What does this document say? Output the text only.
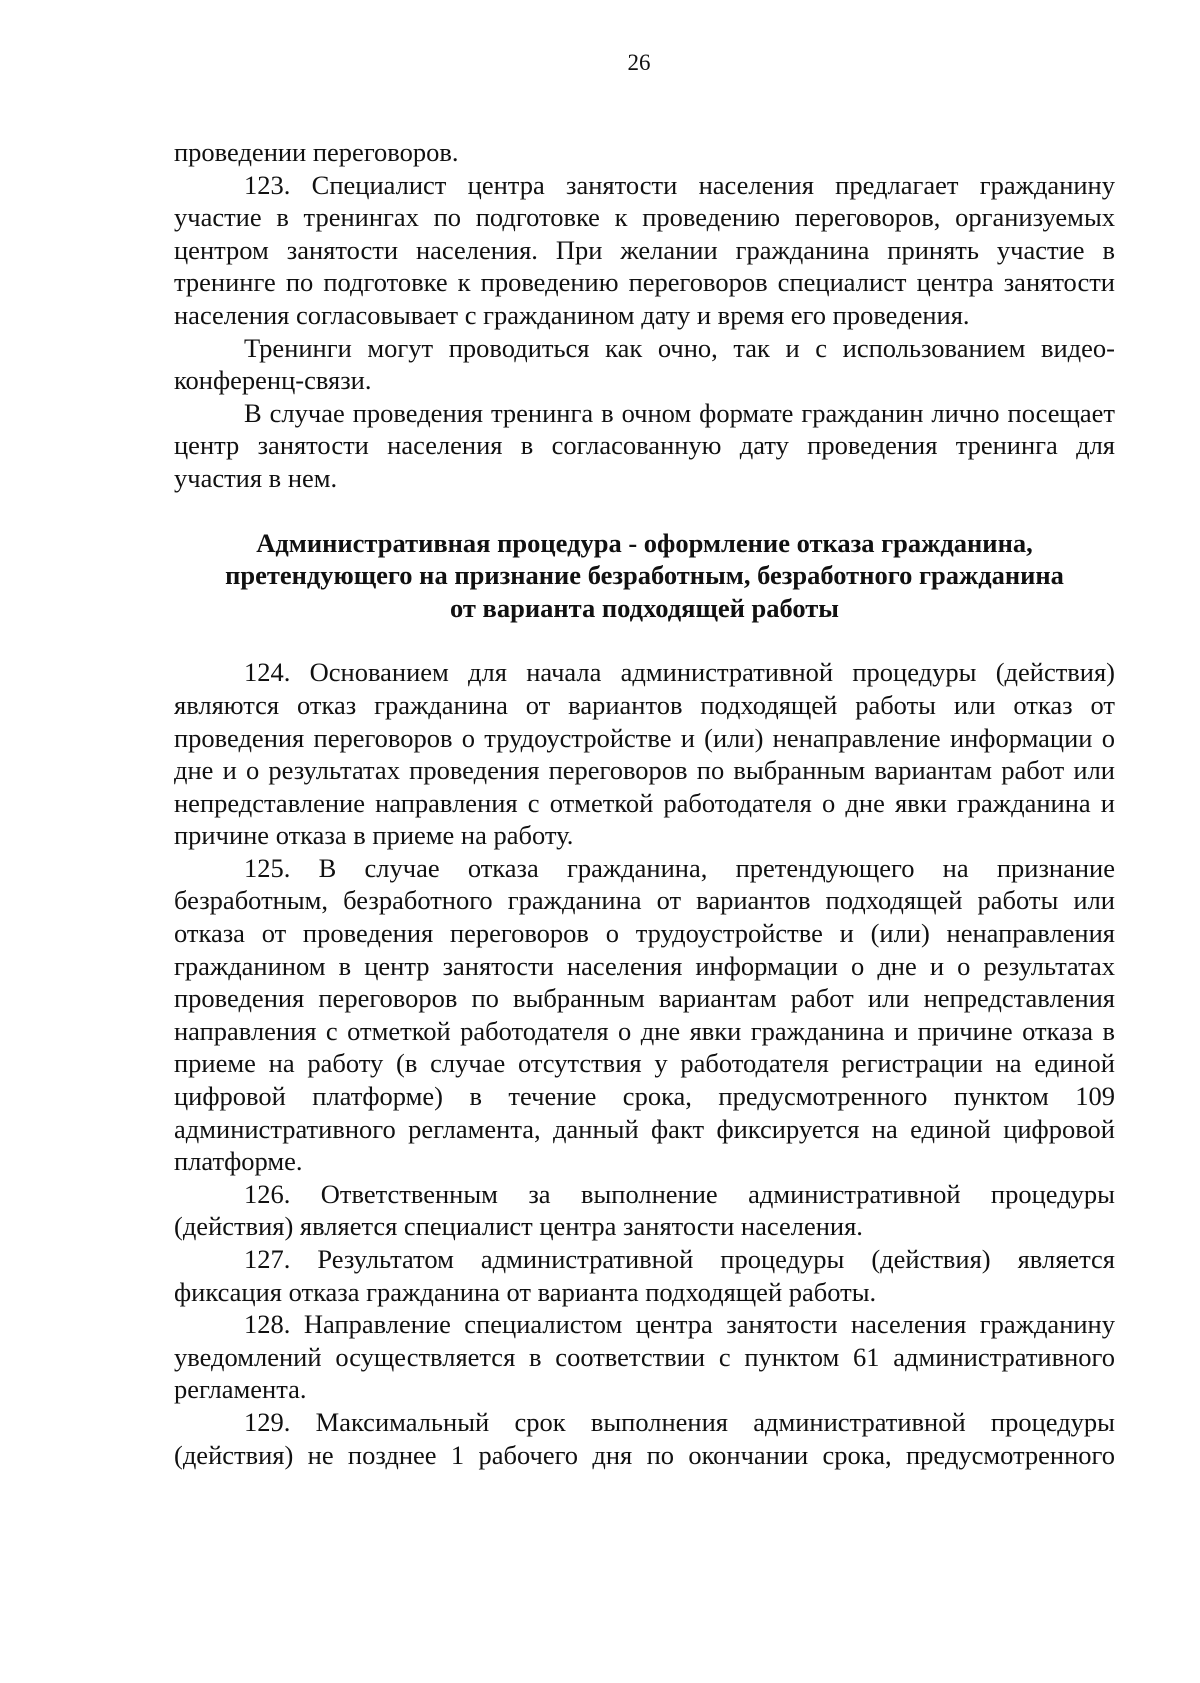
26

проведении переговоров.

123. Специалист центра занятости населения предлагает гражданину участие в тренингах по подготовке к проведению переговоров, организуемых центром занятости населения. При желании гражданина принять участие в тренинге по подготовке к проведению переговоров специалист центра занятости населения согласовывает с гражданином дату и время его проведения.

Тренинги могут проводиться как очно, так и с использованием видео-конференц-связи.

В случае проведения тренинга в очном формате гражданин лично посещает центр занятости населения в согласованную дату проведения тренинга для участия в нем.

Административная процедура - оформление отказа гражданина,
претендующего на признание безработным, безработного гражданина
от варианта подходящей работы

124. Основанием для начала административной процедуры (действия) являются отказ гражданина от вариантов подходящей работы или отказ от проведения переговоров о трудоустройстве и (или) ненаправление информации о дне и о результатах проведения переговоров по выбранным вариантам работ или непредставление направления с отметкой работодателя о дне явки гражданина и причине отказа в приеме на работу.

125. В случае отказа гражданина, претендующего на признание безработным, безработного гражданина от вариантов подходящей работы или отказа от проведения переговоров о трудоустройстве и (или) ненаправления гражданином в центр занятости населения информации о дне и о результатах проведения переговоров по выбранным вариантам работ или непредставления направления с отметкой работодателя о дне явки гражданина и причине отказа в приеме на работу (в случае отсутствия у работодателя регистрации на единой цифровой платформе) в течение срока, предусмотренного пунктом 109 административного регламента, данный факт фиксируется на единой цифровой платформе.

126. Ответственным за выполнение административной процедуры (действия) является специалист центра занятости населения.

127. Результатом административной процедуры (действия) является фиксация отказа гражданина от варианта подходящей работы.

128. Направление специалистом центра занятости населения гражданину уведомлений осуществляется в соответствии с пунктом 61 административного регламента.

129. Максимальный срок выполнения административной процедуры (действия) не позднее 1 рабочего дня по окончании срока, предусмотренного
